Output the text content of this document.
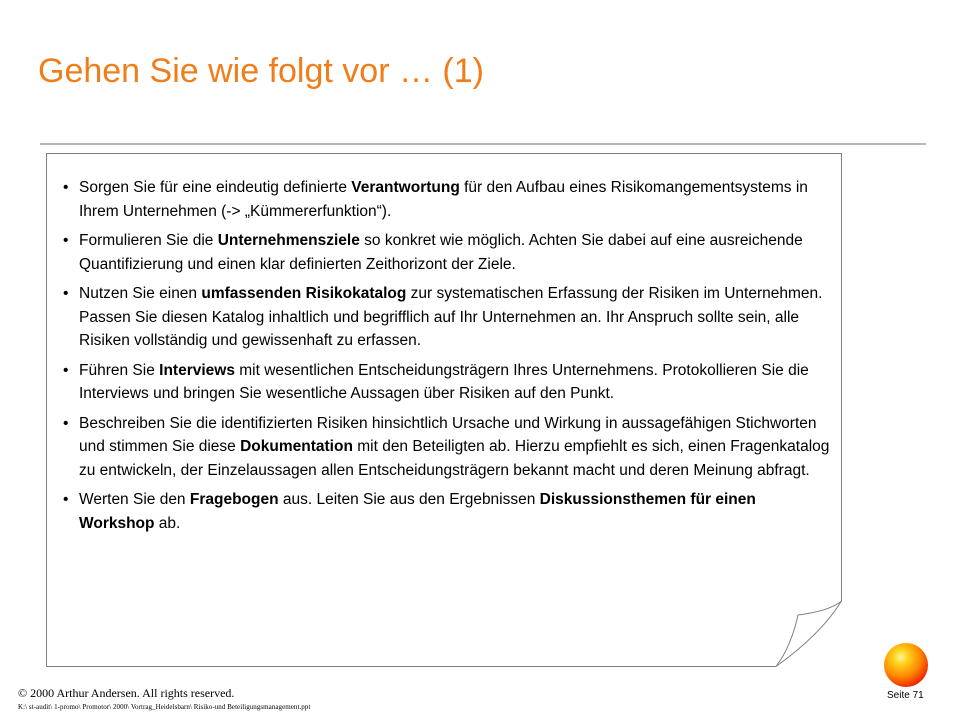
Gehen Sie wie folgt vor … (1)
• Sorgen Sie für eine eindeutig definierte Verantwortung für den Aufbau eines Risikomangementsystems in Ihrem Unternehmen (-> „Kümmererfunktion“).
• Formulieren Sie die Unternehmensziele so konkret wie möglich. Achten Sie dabei auf eine ausreichende Quantifizierung und einen klar definierten Zeithorizont der Ziele.
• Nutzen Sie einen umfassenden Risikokatalog zur systematischen Erfassung der Risiken im Unternehmen. Passen Sie diesen Katalog inhaltlich und begrifflich auf Ihr Unternehmen an. Ihr Anspruch sollte sein, alle Risiken vollständig und gewissenhaft zu erfassen.
• Führen Sie Interviews mit wesentlichen Entscheidungsträgern Ihres Unternehmens. Protokollieren Sie die Interviews und bringen Sie wesentliche Aussagen über Risiken auf den Punkt.
• Beschreiben Sie die identifizierten Risiken hinsichtlich Ursache und Wirkung in aussagefähigen Stichworten und stimmen Sie diese Dokumentation mit den Beteiligten ab. Hierzu empfiehlt es sich, einen Fragenkatalog zu entwickeln, der Einzelaussagen allen Entscheidungsträgern bekannt macht und deren Meinung abfragt.
• Werten Sie den Fragebogen aus. Leiten Sie aus den Ergebnissen Diskussionsthemen für einen Workshop ab.
© 2000 Arthur Andersen. All rights reserved.
K:\ st-audit\ 1-promo\ Promotor\ 2000\ Vortrag_Heidelsbarn\ Risiko-und Beteiligungsmanagement.ppt
Seite 71
